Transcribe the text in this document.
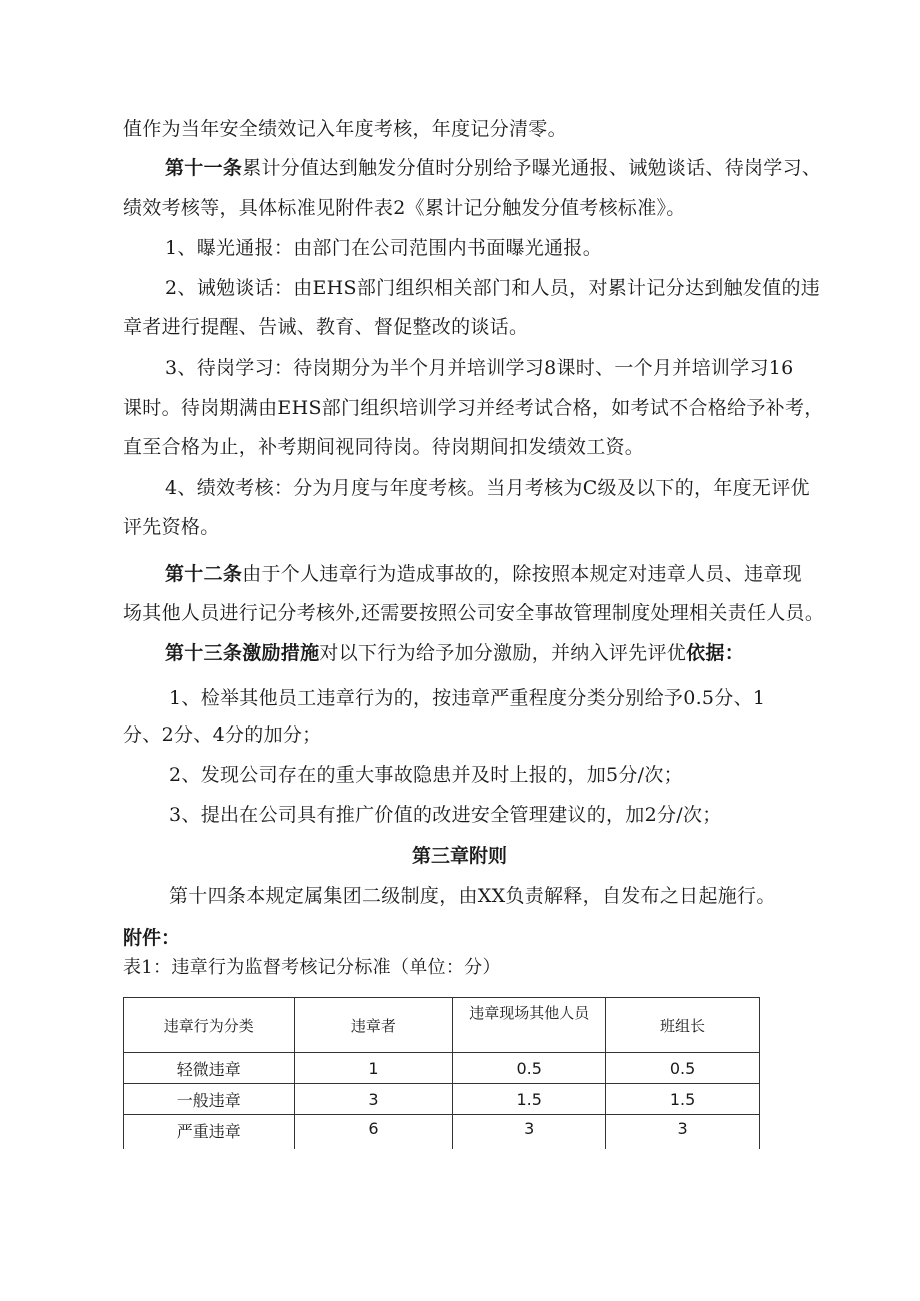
值作为当年安全绩效记入年度考核，年度记分清零。
第十一条累计分值达到触发分值时分别给予曝光通报、诫勉谈话、待岗学习、
绩效考核等，具体标准见附件表2《累计记分触发分值考核标准》。
1、曝光通报：由部门在公司范围内书面曝光通报。
2、诫勉谈话：由EHS部门组织相关部门和人员，对累计记分达到触发值的违
章者进行提醒、告诫、教育、督促整改的谈话。
3、待岗学习：待岗期分为半个月并培训学习8课时、一个月并培训学习16
课时。待岗期满由EHS部门组织培训学习并经考试合格，如考试不合格给予补考，
直至合格为止，补考期间视同待岗。待岗期间扣发绩效工资。
4、绩效考核：分为月度与年度考核。当月考核为C级及以下的，年度无评优
评先资格。
第十二条由于个人违章行为造成事故的，除按照本规定对违章人员、违章现
场其他人员进行记分考核外,还需要按照公司安全事故管理制度处理相关责任人员。
第十三条激励措施对以下行为给予加分激励，并纳入评先评优依据：
1、检举其他员工违章行为的，按违章严重程度分类分别给予0.5分、1
分、2分、4分的加分；
2、发现公司存在的重大事故隐患并及时上报的，加5分/次；
3、提出在公司具有推广价值的改进安全管理建议的，加2分/次；
第三章附则
第十四条本规定属集团二级制度，由XX负责解释，自发布之日起施行。
附件：
表1：违章行为监督考核记分标准（单位：分）
违章行为分类	违章者	违章现场其他人员	班组长
轻微违章	1	0.5	0.5
一般违章	3	1.5	1.5
严重违章	6	3	3
